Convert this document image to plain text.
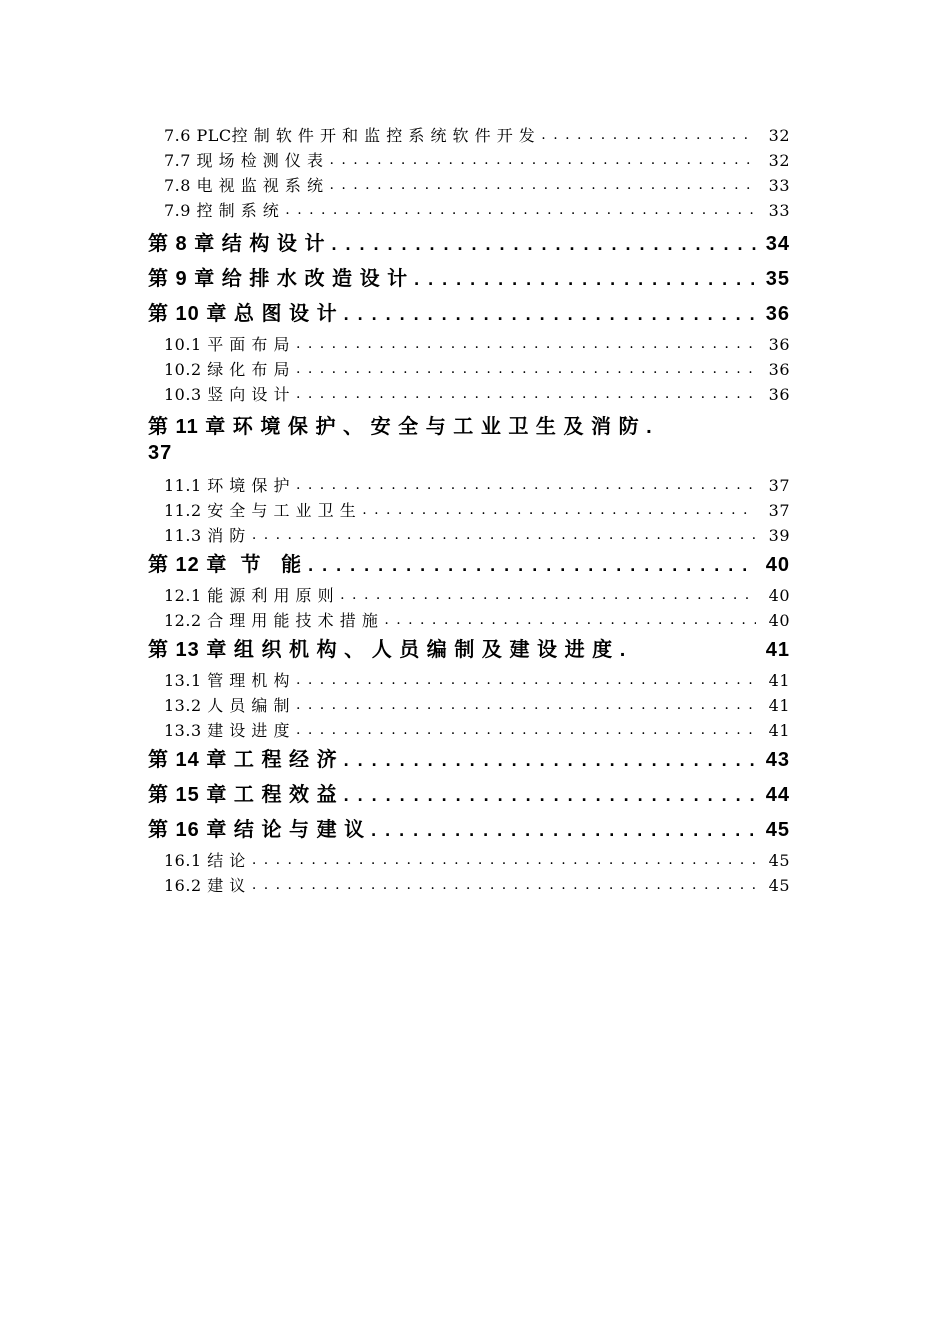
7.6 PLC控 制 软 件 开 和 监 控 系 统 软 件 开 发 . . .	32
7.7 现 场 检 测 仪 表 . . .	32
7.8 电 视 监 视 系 统 . . .	33
7.9 控 制 系 统 . . .	33
第 8 章 结 构 设 计 . . .	34
第 9 章 给 排 水 改 造 设 计 . . .	35
第 10 章 总 图 设 计 . . .	36
10.1 平 面 布 局 . . .	36
10.2 绿 化 布 局 . . .	36
10.3 竖 向 设 计 . . .	36
第 11 章 环 境 保 护 、 安 全 与 工 业 卫 生 及 消 防 .
37
11.1 环 境 保 护 . . .	37
11.2 安 全 与 工 业 卫 生 . . .	37
11.3 消 防 . . .	39
第 12 章  节   能 . . .	40
12.1 能 源 利 用 原 则 . . .	40
12.2 合 理 用 能 技 术 措 施 . . .	40
第 13 章 组 织 机 构 、 人 员 编 制 及 建 设 进 度 .	41
13.1 管 理 机 构 . . .	41
13.2 人 员 编 制 . . .	41
13.3 建 设 进 度 . . .	41
第 14 章 工 程 经 济 . . .	43
第 15 章 工 程 效 益 . . .	44
第 16 章 结 论 与 建 议 . . .	45
16.1 结 论 . . .	45
16.2 建 议 . . .	45
